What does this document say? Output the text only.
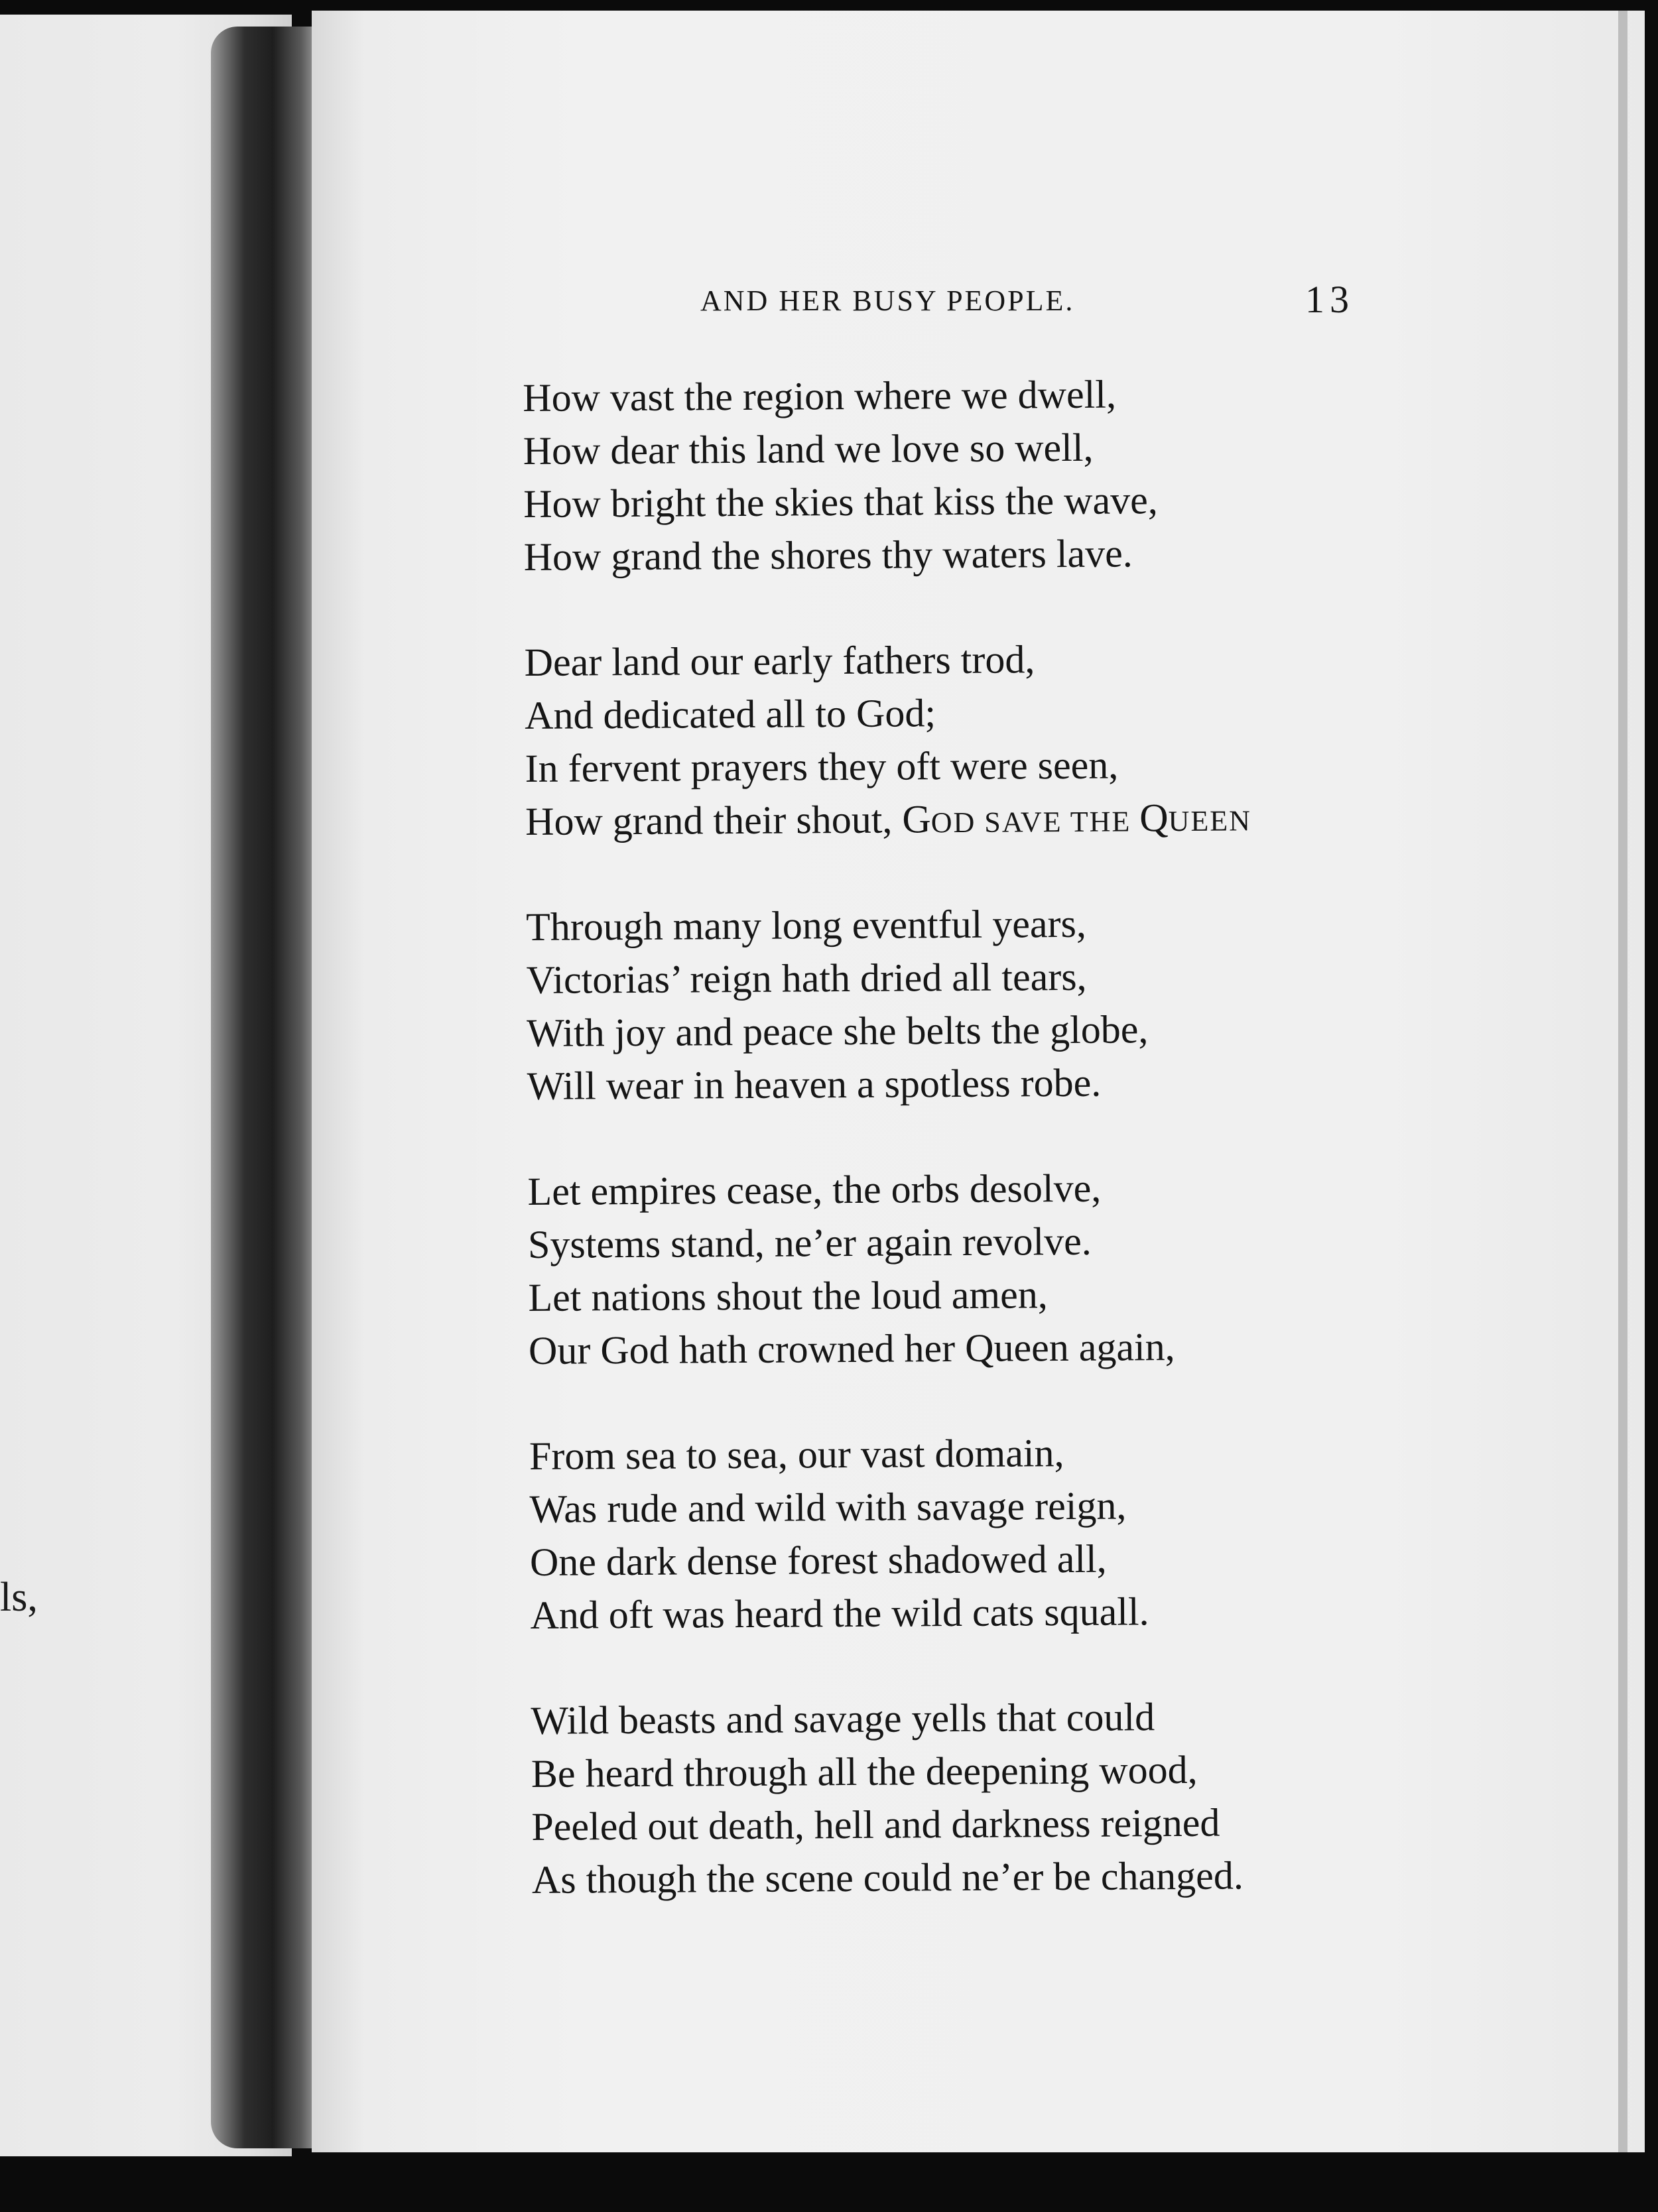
ls,
AND HER BUSY PEOPLE.	13
How vast the region where we dwell,
How dear this land we love so well,
How bright the skies that kiss the wave,
How grand the shores thy waters lave.
Dear land our early fathers trod,
And dedicated all to God;
In fervent prayers they oft were seen,
How grand their shout, GOD SAVE THE QUEEN
Through many long eventful years,
Victorias’ reign hath dried all tears,
With joy and peace she belts the globe,
Will wear in heaven a spotless robe.
Let empires cease, the orbs desolve,
Systems stand, ne’er again revolve.
Let nations shout the loud amen,
Our God hath crowned her Queen again,
From sea to sea, our vast domain,
Was rude and wild with savage reign,
One dark dense forest shadowed all,
And oft was heard the wild cats squall.
Wild beasts and savage yells that could
Be heard through all the deepening wood,
Peeled out death, hell and darkness reigned
As though the scene could ne’er be changed.
